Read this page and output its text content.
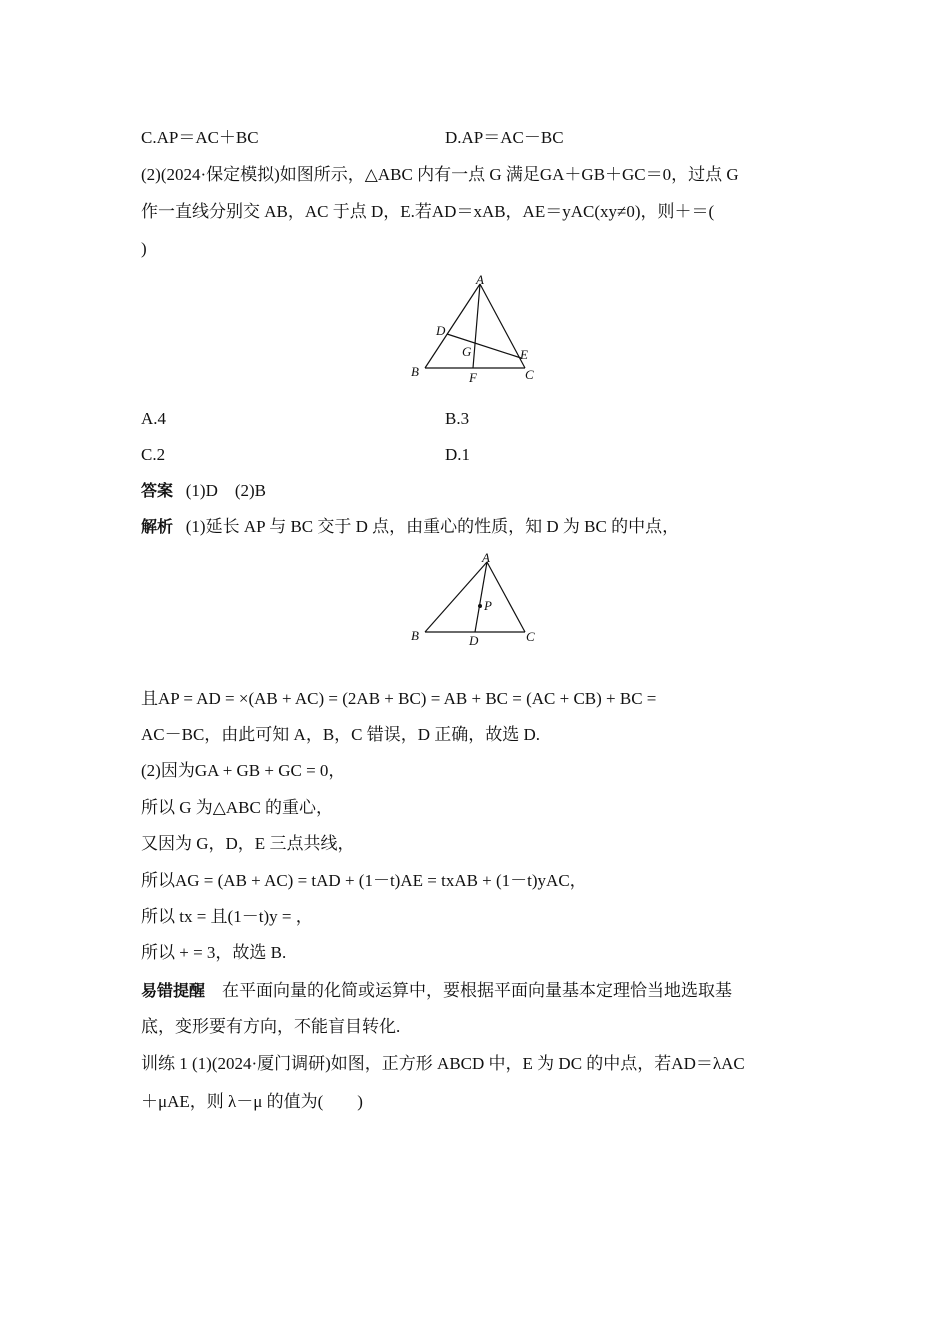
C.AP＝AC＋BC	D.AP＝AC－BC
(2)(2024·保定模拟)如图所示，△ABC 内有一点 G 满足GA＋GB＋GC＝0，过点 G
作一直线分别交 AB，AC 于点 D，E.若AD＝xAB，AE＝yAC(xy≠0)，则＋＝(
)
A
B	C
D
E
F
G
A.4	B.3
C.2	D.1
答案 (1)D　(2)B
解析 (1)延长 AP 与 BC 交于 D 点，由重心的性质，知 D 为 BC 的中点，
A
B	C
D
P
且AP = AD = ×(AB + AC) = (2AB + BC) = AB + BC = (AC + CB) + BC =
AC－BC，由此可知 A，B，C 错误，D 正确，故选 D.
(2)因为GA + GB + GC = 0，
所以 G 为△ABC 的重心，
又因为 G，D，E 三点共线，
所以AG = (AB + AC) = tAD + (1－t)AE = txAB + (1－t)yAC，
所以 tx = 且(1－t)y = ，
所以 + = 3，故选 B.
易错提醒 在平面向量的化简或运算中，要根据平面向量基本定理恰当地选取基
底，变形要有方向，不能盲目转化.
训练 1 (1)(2024·厦门调研)如图，正方形 ABCD 中，E 为 DC 的中点，若AD＝λAC
＋μAE，则 λ－μ 的值为(　　)
